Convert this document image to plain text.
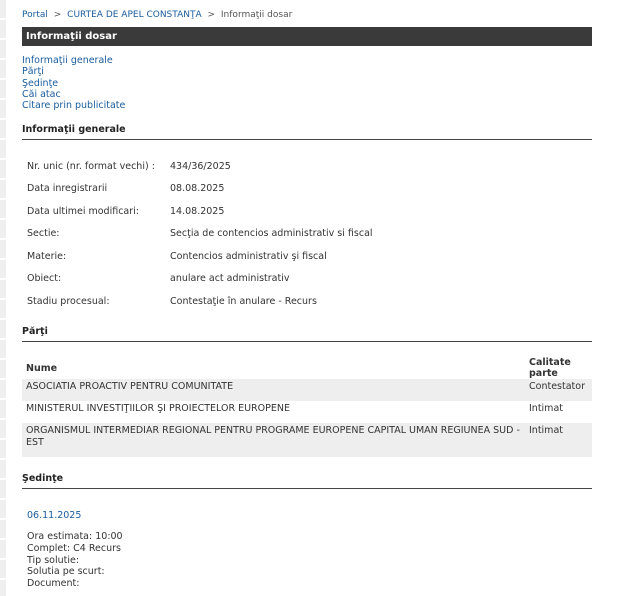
Portal > CURTEA DE APEL CONSTANŢA > Informaţii dosar
Informaţii dosar
Informaţii generale
Părţi
Şedinţe
Căi atac
Citare prin publicitate
Informaţii generale
Nr. unic (nr. format vechi) : 434/36/2025
Data inregistrarii	08.08.2025
Data ultimei modificari:	14.08.2025
Sectie:	Secţia de contencios administrativ si fiscal
Materie:	Contencios administrativ şi fiscal
Obiect:	anulare act administrativ
Stadiu procesual:	Contestaţie în anulare - Recurs
Părţi
Nume	Calitate parte
ASOCIATIA PROACTIV PENTRU COMUNITATE	Contestator
MINISTERUL INVESTIŢIILOR ŞI PROIECTELOR EUROPENE	Intimat
ORGANISMUL INTERMEDIAR REGIONAL PENTRU PROGRAME EUROPENE CAPITAL UMAN REGIUNEA SUD - EST	Intimat
Şedinţe
06.11.2025
Ora estimata: 10:00
Complet: C4 Recurs
Tip solutie:
Solutia pe scurt:
Document:
